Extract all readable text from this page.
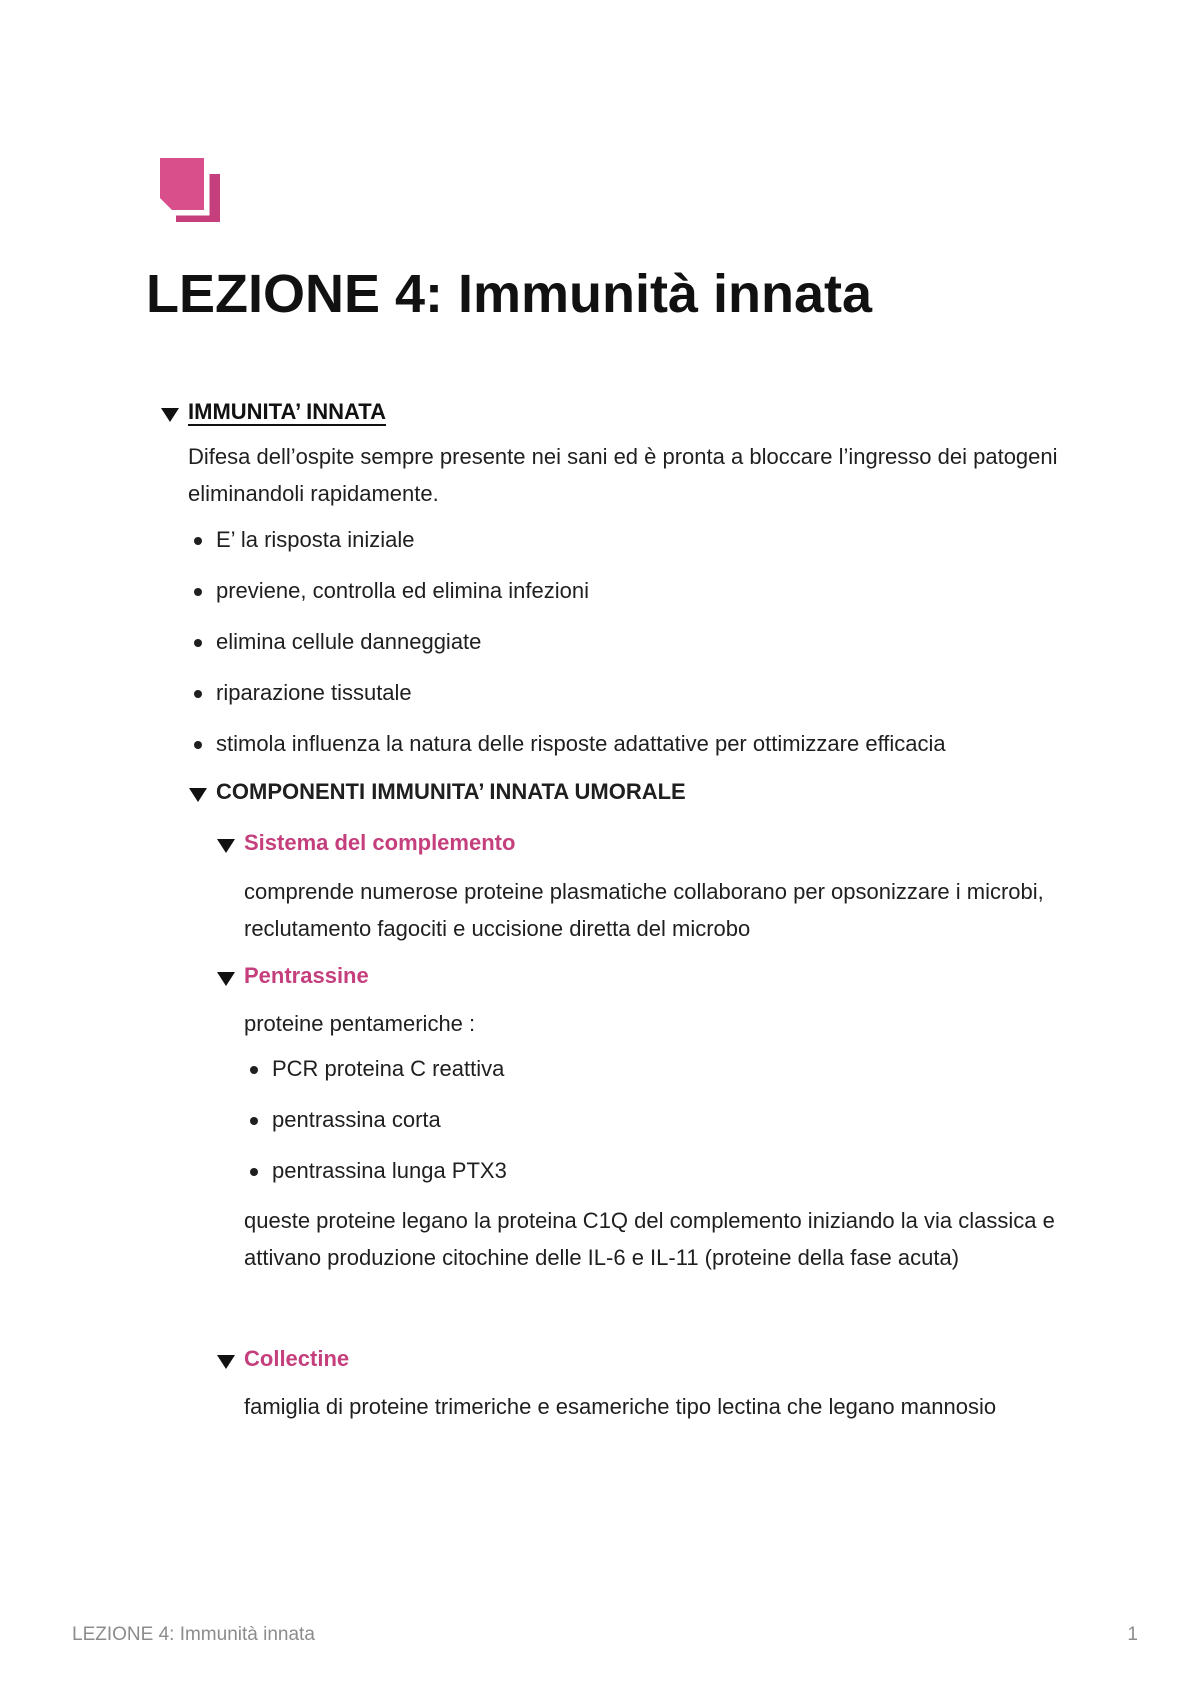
LEZIONE 4: Immunità innata
IMMUNITA’ INNATA

Difesa dell’ospite sempre presente nei sani ed è pronta a bloccare l’ingresso dei patogeni eliminandoli rapidamente.

E’ la risposta iniziale
previene, controlla ed elimina infezioni
elimina cellule danneggiate
riparazione tissutale
stimola influenza la natura delle risposte adattative per ottimizzare efficacia
COMPONENTI IMMUNITA’ INNATA UMORALE
Sistema del complemento

comprende numerose proteine plasmatiche collaborano per opsonizzare i microbi, reclutamento fagociti e uccisione diretta del microbo

Pentrassine

proteine pentameriche :

PCR proteina C reattiva
pentrassina corta
pentrassina lunga PTX3

queste proteine legano la proteina C1Q del complemento iniziando la via classica e attivano produzione citochine delle IL-6 e IL-11 (proteine della fase acuta)

Collectine

famiglia di proteine trimeriche e esameriche tipo lectina che legano mannosio

LEZIONE 4: Immunità innata	1
